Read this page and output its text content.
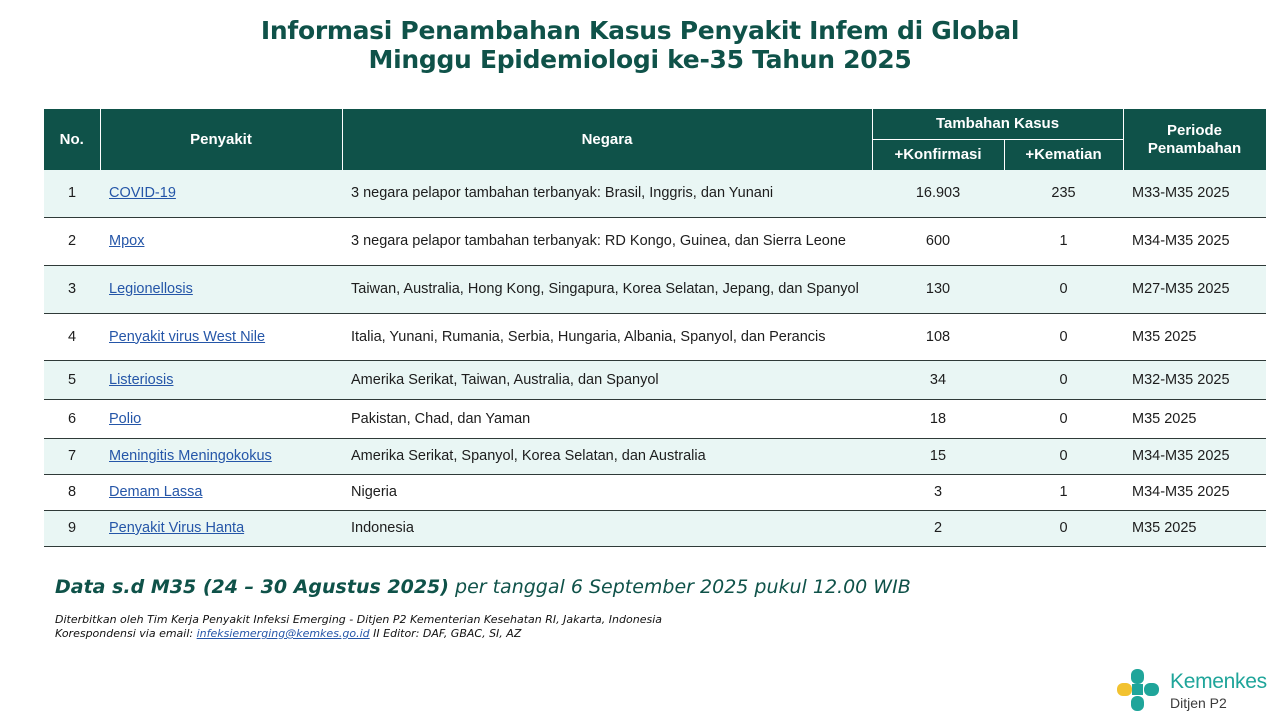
Informasi Penambahan Kasus Penyakit Infem di Global
Minggu Epidemiologi ke-35 Tahun 2025
No.	Penyakit	Negara	Tambahan Kasus		Periode
Penambahan

			+Konfirmasi	+Kematian	
1	COVID-19	3 negara pelapor tambahan terbanyak: Brasil, Inggris, dan Yunani	16.903	235	M33-M35 2025
2	Mpox	3 negara pelapor tambahan terbanyak: RD Kongo, Guinea, dan Sierra Leone	600	1	M34-M35 2025
3	Legionellosis	Taiwan, Australia, Hong Kong, Singapura, Korea Selatan, Jepang, dan Spanyol	130	0	M27-M35 2025
4	Penyakit virus West Nile	Italia, Yunani, Rumania, Serbia, Hungaria, Albania, Spanyol, dan Perancis	108	0	M35 2025
5	Listeriosis	Amerika Serikat, Taiwan, Australia, dan Spanyol	34	0	M32-M35 2025
6	Polio	Pakistan, Chad, dan Yaman	18	0	M35 2025
7	Meningitis Meningokokus	Amerika Serikat, Spanyol, Korea Selatan, dan Australia	15	0	M34-M35 2025
8	Demam Lassa	Nigeria	3	1	M34-M35 2025
9	Penyakit Virus Hanta	Indonesia	2	0	M35 2025
Data s.d M35 (24 – 30 Agustus 2025) per tanggal 6 September 2025 pukul 12.00 WIB
Diterbitkan oleh Tim Kerja Penyakit Infeksi Emerging - Ditjen P2 Kementerian Kesehatan RI, Jakarta, Indonesia
Korespondensi via email: infeksiemerging@kemkes.go.id II Editor: DAF, GBAC, SI, AZ
Kemenkes
Ditjen P2
